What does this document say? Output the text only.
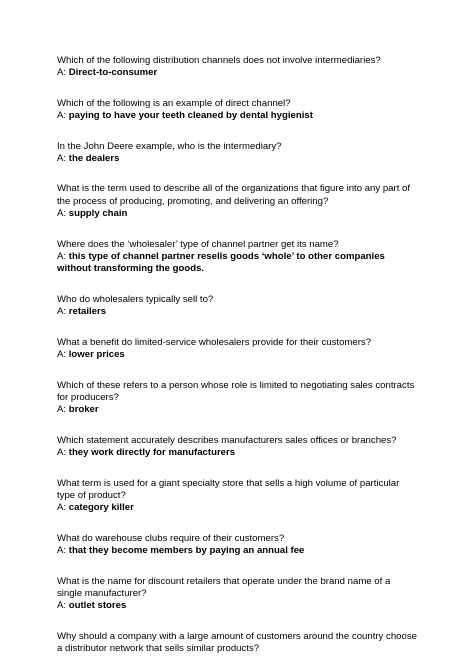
Which of the following distribution channels does not involve intermediaries?

A: Direct-to-consumer

Which of the following is an example of direct channel?

A: paying to have your teeth cleaned by dental hygienist

In the John Deere example, who is the intermediary?

A: the dealers

What is the term used to describe all of the organizations that figure into any part of the process of producing, promoting, and delivering an offering?

A: supply chain

Where does the ‘wholesaler’ type of channel partner get its name?

A: this type of channel partner resells goods ‘whole’ to other companies without transforming the goods.

Who do wholesalers typically sell to?

A: retailers

What a benefit do limited-service wholesalers provide for their customers?

A: lower prices

Which of these refers to a person whose role is limited to negotiating sales contracts for producers?

A: broker

Which statement accurately describes manufacturers sales offices or branches?

A: they work directly for manufacturers

What term is used for a giant specialty store that sells a high volume of particular type of product?

A: category killer

What do warehouse clubs require of their customers?

A: that they become members by paying an annual fee

What is the name for discount retailers that operate under the brand name of a single manufacturer?

A: outlet stores

Why should a company with a large amount of customers around the country choose a distributor network that sells similar products?
